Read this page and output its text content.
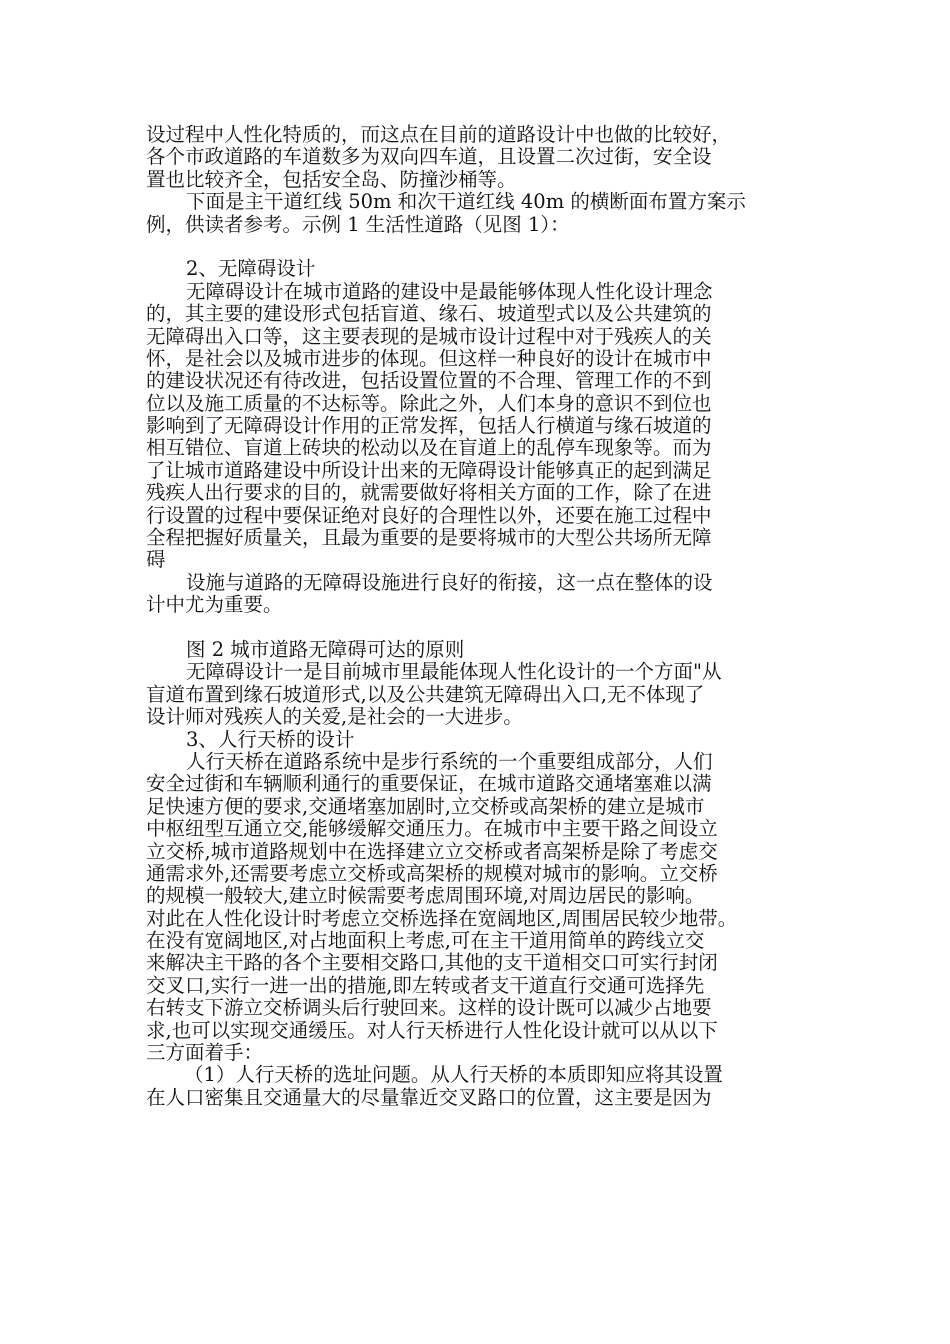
设过程中人性化特质的，而这点在目前的道路设计中也做的比较好，
各个市政道路的车道数多为双向四车道，且设置二次过街，安全设
置也比较齐全，包括安全岛、防撞沙桶等。
下面是主干道红线 50m 和次干道红线 40m 的横断面布置方案示
例，供读者参考。示例 1 生活性道路（见图 1）：
2、无障碍设计
无障碍设计在城市道路的建设中是最能够体现人性化设计理念
的，其主要的建设形式包括盲道、缘石、坡道型式以及公共建筑的
无障碍出入口等，这主要表现的是城市设计过程中对于残疾人的关
怀，是社会以及城市进步的体现。但这样一种良好的设计在城市中
的建设状况还有待改进，包括设置位置的不合理、管理工作的不到
位以及施工质量的不达标等。除此之外，人们本身的意识不到位也
影响到了无障碍设计作用的正常发挥，包括人行横道与缘石坡道的
相互错位、盲道上砖块的松动以及在盲道上的乱停车现象等。而为
了让城市道路建设中所设计出来的无障碍设计能够真正的起到满足
残疾人出行要求的目的，就需要做好将相关方面的工作，除了在进
行设置的过程中要保证绝对良好的合理性以外，还要在施工过程中
全程把握好质量关，且最为重要的是要将城市的大型公共场所无障
碍
设施与道路的无障碍设施进行良好的衔接，这一点在整体的设
计中尤为重要。
图 2 城市道路无障碍可达的原则
无障碍设计一是目前城市里最能体现人性化设计的一个方面"从
盲道布置到缘石坡道形式,以及公共建筑无障碍出入口,无不体现了
设计师对残疾人的关爱,是社会的一大进步。
3、人行天桥的设计
人行天桥在道路系统中是步行系统的一个重要组成部分，人们
安全过街和车辆顺利通行的重要保证，在城市道路交通堵塞难以满
足快速方便的要求,交通堵塞加剧时,立交桥或高架桥的建立是城市
中枢纽型互通立交,能够缓解交通压力。在城市中主要干路之间设立
立交桥,城市道路规划中在选择建立立交桥或者高架桥是除了考虑交
通需求外,还需要考虑立交桥或高架桥的规模对城市的影响。立交桥
的规模一般较大,建立时候需要考虑周围环境,对周边居民的影响。
对此在人性化设计时考虑立交桥选择在宽阔地区,周围居民较少地带。
在没有宽阔地区,对占地面积上考虑,可在主干道用简单的跨线立交
来解决主干路的各个主要相交路口,其他的支干道相交口可实行封闭
交叉口,实行一进一出的措施,即左转或者支干道直行交通可选择先
右转支下游立交桥调头后行驶回来。这样的设计既可以减少占地要
求,也可以实现交通缓压。对人行天桥进行人性化设计就可以从以下
三方面着手：
（1）人行天桥的选址问题。从人行天桥的本质即知应将其设置
在人口密集且交通量大的尽量靠近交叉路口的位置，这主要是因为
